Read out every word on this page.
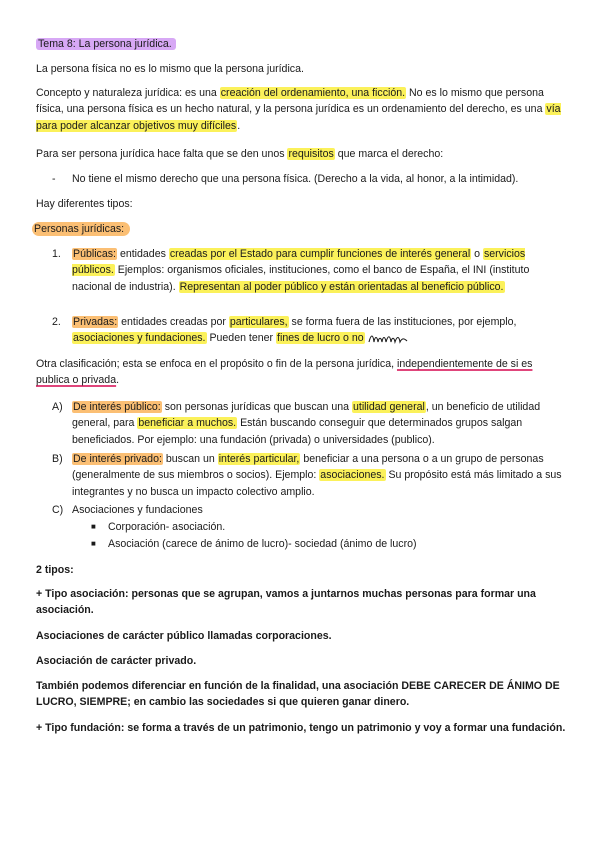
Tema 8: La persona jurídica.
La persona física no es lo mismo que la persona jurídica.
Concepto y naturaleza jurídica: es una creación del ordenamiento, una ficción. No es lo mismo que persona física, una persona física es un hecho natural, y la persona jurídica es un ordenamiento del derecho, es una vía para poder alcanzar objetivos muy difíciles.
Para ser persona jurídica hace falta que se den unos requisitos que marca el derecho:
- No tiene el mismo derecho que una persona física. (Derecho a la vida, al honor, a la intimidad).
Hay diferentes tipos:
Personas jurídicas:
1. Públicas: entidades creadas por el Estado para cumplir funciones de interés general o servicios públicos. Ejemplos: organismos oficiales, instituciones, como el banco de España, el INI (instituto nacional de industria). Representan al poder público y están orientadas al beneficio público.
2. Privadas: entidades creadas por particulares, se forma fuera de las instituciones, por ejemplo, asociaciones y fundaciones. Pueden tener fines de lucro o no
Otra clasificación; esta se enfoca en el propósito o fin de la persona jurídica, independientemente de si es publica o privada.
A) De interés público: son personas jurídicas que buscan una utilidad general, un beneficio de utilidad general, para beneficiar a muchos. Están buscando conseguir que determinados grupos salgan beneficiados. Por ejemplo: una fundación (privada) o universidades (publico).
B) De interés privado: buscan un interés particular, beneficiar a una persona o a un grupo de personas (generalmente de sus miembros o socios). Ejemplo: asociaciones. Su propósito está más limitado a sus integrantes y no busca un impacto colectivo amplio.
C) Asociaciones y fundaciones
■ Corporación- asociación.
■ Asociación (carece de ánimo de lucro)- sociedad (ánimo de lucro)
2 tipos:
+ Tipo asociación: personas que se agrupan, vamos a juntarnos muchas personas para formar una asociación.
Asociaciones de carácter público llamadas corporaciones.
Asociación de carácter privado.
También podemos diferenciar en función de la finalidad, una asociación DEBE CARECER DE ÁNIMO DE LUCRO, SIEMPRE; en cambio las sociedades si que quieren ganar dinero.
+ Tipo fundación: se forma a través de un patrimonio, tengo un patrimonio y voy a formar una fundación.
